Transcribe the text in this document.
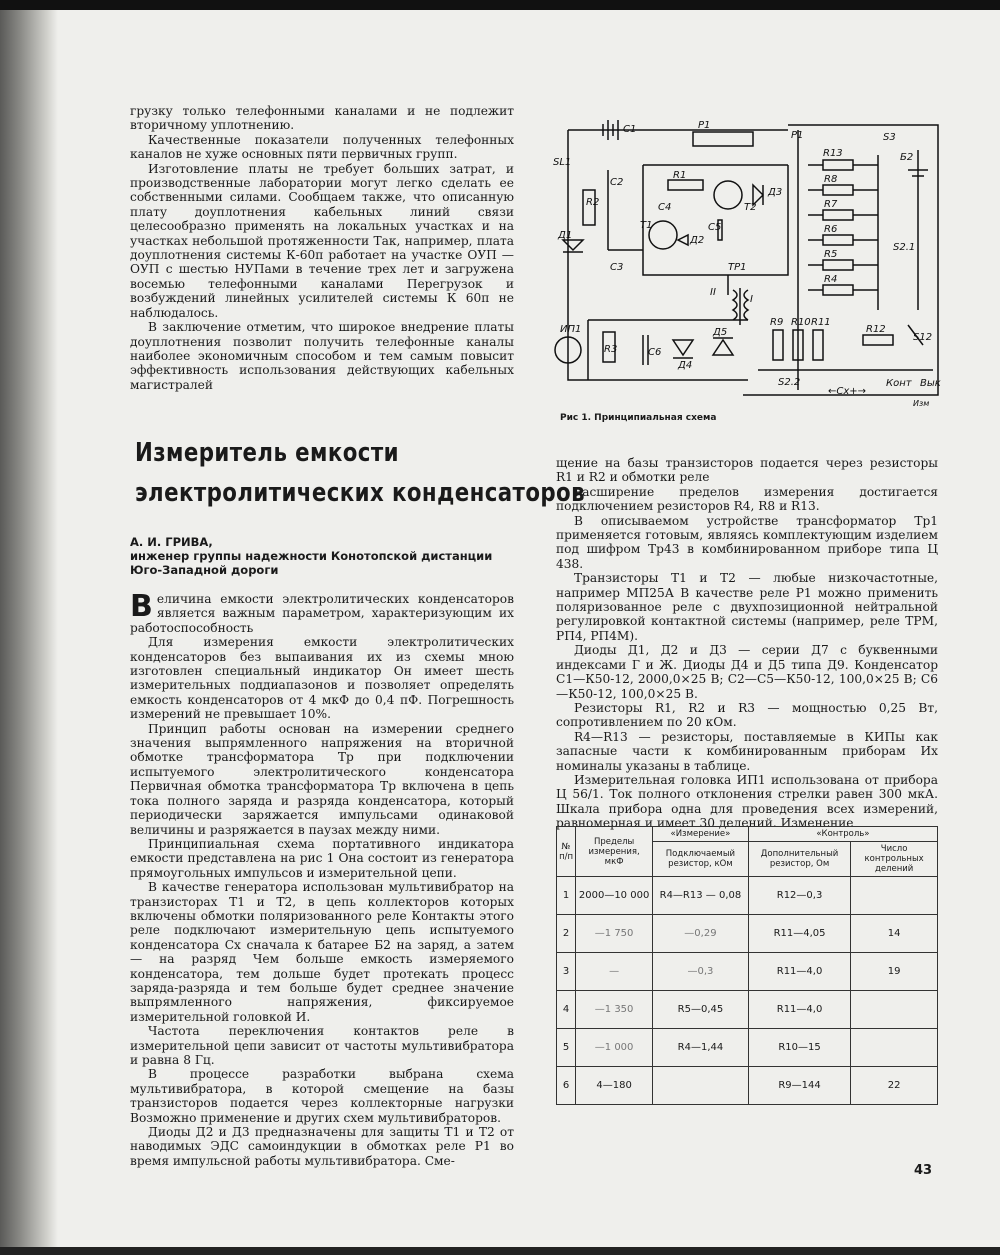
грузку только телефонными каналами и не подлежит вторичному уплотнению.

Качественные показатели полученных телефонных каналов не хуже основных пяти первичных групп.

Изготовление платы не требует больших затрат, и производственные лаборатории могут легко сделать ее собственными силами. Сообщаем также, что описанную плату доуплотнения кабельных линий связи целесообразно применять на локальных участках и на участках небольшой протяженности Так, например, плата доуплотнения системы К-60п работает на участке ОУП — ОУП с шестью НУПами в течение трех лет и загружена восемью телефонными каналами Перегрузок и возбуждений линейных усилителей системы К 60п не наблюдалось.

В заключение отметим, что широкое внедрение платы доуплотнения позволит получить телефонные каналы наиболее экономичным способом и тем самым повысит эффективность использования действующих кабельных магистралей

Измеритель емкости
электролитических конденсаторов
А. И. ГРИВА,
инженер группы надежности Конотопской дистанции Юго-Западной дороги

Величина емкости электролитических конденсаторов является важным параметром, характеризующим их работоспособность

Для измерения емкости электролитических конденсаторов без выпаивания их из схемы мною изготовлен специальный индикатор Он имеет шесть измерительных поддиапазонов и позволяет определять емкость конденсаторов от 4 мкФ до 0,4 пФ. Погрешность измерений не превышает 10%.

Принцип работы основан на измерении среднего значения выпрямленного напряжения на вторичной обмотке трансформатора Тр при подключении испытуемого электролитического конденсатора Первичная обмотка трансформатора Тр включена в цепь тока полного заряда и разряда конденсатора, который периодически заряжается импульсами одинаковой величины и разряжается в паузах между ними.

Принципиальная схема портативного индикатора емкости представлена на рис 1 Она состоит из генератора прямоугольных импульсов и измерительной цепи.

В качестве генератора использован мультивибратор на транзисторах Т1 и Т2, в цепь коллекторов которых включены обмотки поляризованного реле Контакты этого реле подключают измерительную цепь испытуемого конденсатора Cx сначала к батарее Б2 на заряд, а затем — на разряд Чем больше емкость измеряемого конденсатора, тем дольше будет протекать процесс заряда-разряда и тем больше будет среднее значение выпрямленного напряжения, фиксируемое измерительной головкой И.

Частота переключения контактов реле в измерительной цепи зависит от частоты мультивибратора и равна 8 Гц.

В процессе разработки выбрана схема мультивибратора, в которой смещение на базы транзисторов подается через коллекторные нагрузки Возможно применение и других схем мультивибраторов.

Диоды Д2 и Д3 предназначены для защиты Т1 и Т2 от наводимых ЭДС самоиндукции в обмотках реле Р1 во время импульсной работы мультивибратора. Сме-

Р1
SL1
S3
Б2
С2
С1
R1
R2	С4
С5
С3
Т1
Т2
Д1	Д2
Д3
R13
R8
R7
R6
R5
R4
S2.1
ТР1
I
II
ИП1
R3	С6
Д4
Д5
R9 R10 R11
R12
S12
S2.2
←Cx+→
Конт
Изм
Вык
Р1
Рис 1. Принципиальная схема

щение на базы транзисторов подается через резисторы R1 и R2 и обмотки реле

Расширение пределов измерения достигается подключением резисторов R4, R8 и R13.

В описываемом устройстве трансформатор Тр1 применяется готовым, являясь комплектующим изделием под шифром Тр43 в комбинированном приборе типа Ц 438.

Транзисторы Т1 и Т2 — любые низкочастотные, например МП25А В качестве реле Р1 можно применить поляризованное реле с двухпозиционной нейтральной регулировкой контактной системы (например, реле ТРМ, РП4, РП4М).

Диоды Д1, Д2 и Д3 — серии Д7 с буквенными индексами Г и Ж. Диоды Д4 и Д5 типа Д9. Конденсатор С1—К50-12, 2000,0×25 В; С2—С5—К50-12, 100,0×25 В; С6—К50-12, 100,0×25 В.

Резисторы R1, R2 и R3 — мощностью 0,25 Вт, сопротивлением по 20 кОм.

R4—R13 — резисторы, поставляемые в КИПы как запасные части к комбинированным приборам Их номиналы указаны в таблице.

Измерительная головка ИП1 использована от прибора Ц 56/1. Ток полного отклонения стрелки равен 300 мкА. Шкала прибора одна для проведения всех измерений, равномерная и имеет 30 делений. Изменение

№ п/п	Пределы измерения, мкФ	«Измерение»	«Контроль»	
		Подключаемый резистор, кОм	Дополнительный резистор, Ом	Число контрольных делений
1	2000—10 000	R4—R13 — 0,08	R12—0,3	
2	—1 750	—0,29	R11—4,05	14
3	—	—0,3	R11—4,0	19
4	—1 350	R5—0,45	R11—4,0	
5	—1 000	R4—1,44	R10—15	
6	4—180		R9—144	22
43
